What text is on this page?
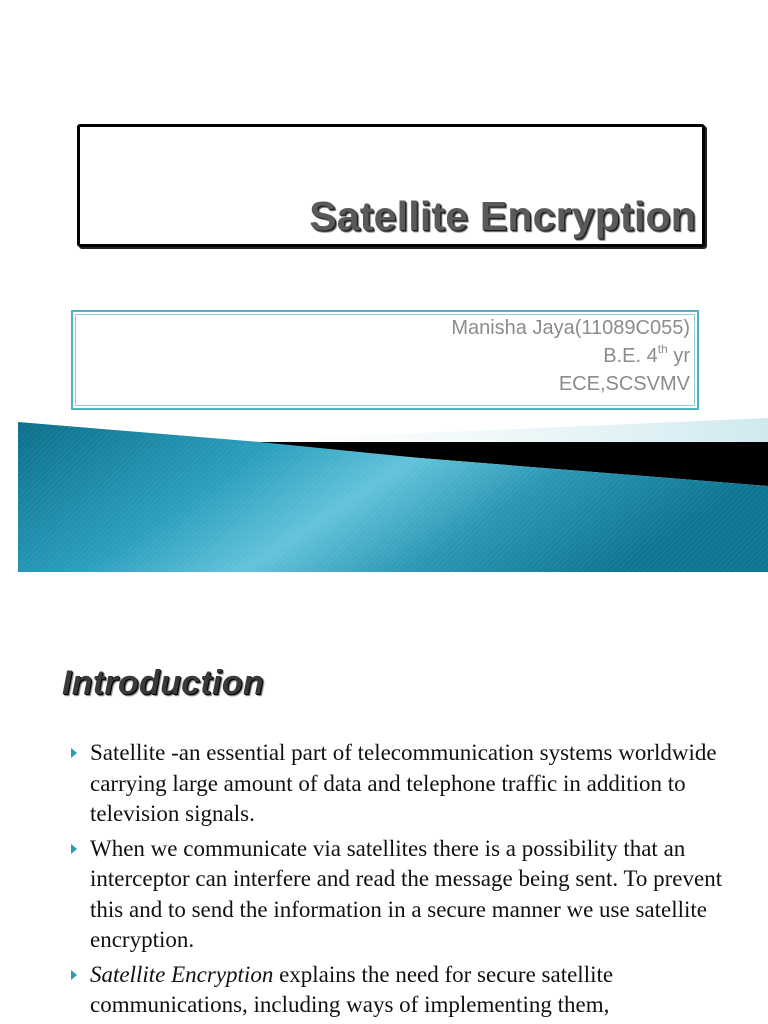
Satellite Encryption
Manisha Jaya(11089C055)
B.E. 4th yr
ECE,SCSVMV
Introduction
Satellite -an essential part of telecommunication systems worldwide carrying large amount of data and telephone traffic in addition to television signals.
When we communicate via satellites there is a possibility that an interceptor can interfere and read the message being sent. To prevent this and to send the information in a secure manner we use satellite encryption.
Satellite Encryption explains the need for secure satellite communications, including ways of implementing them,
